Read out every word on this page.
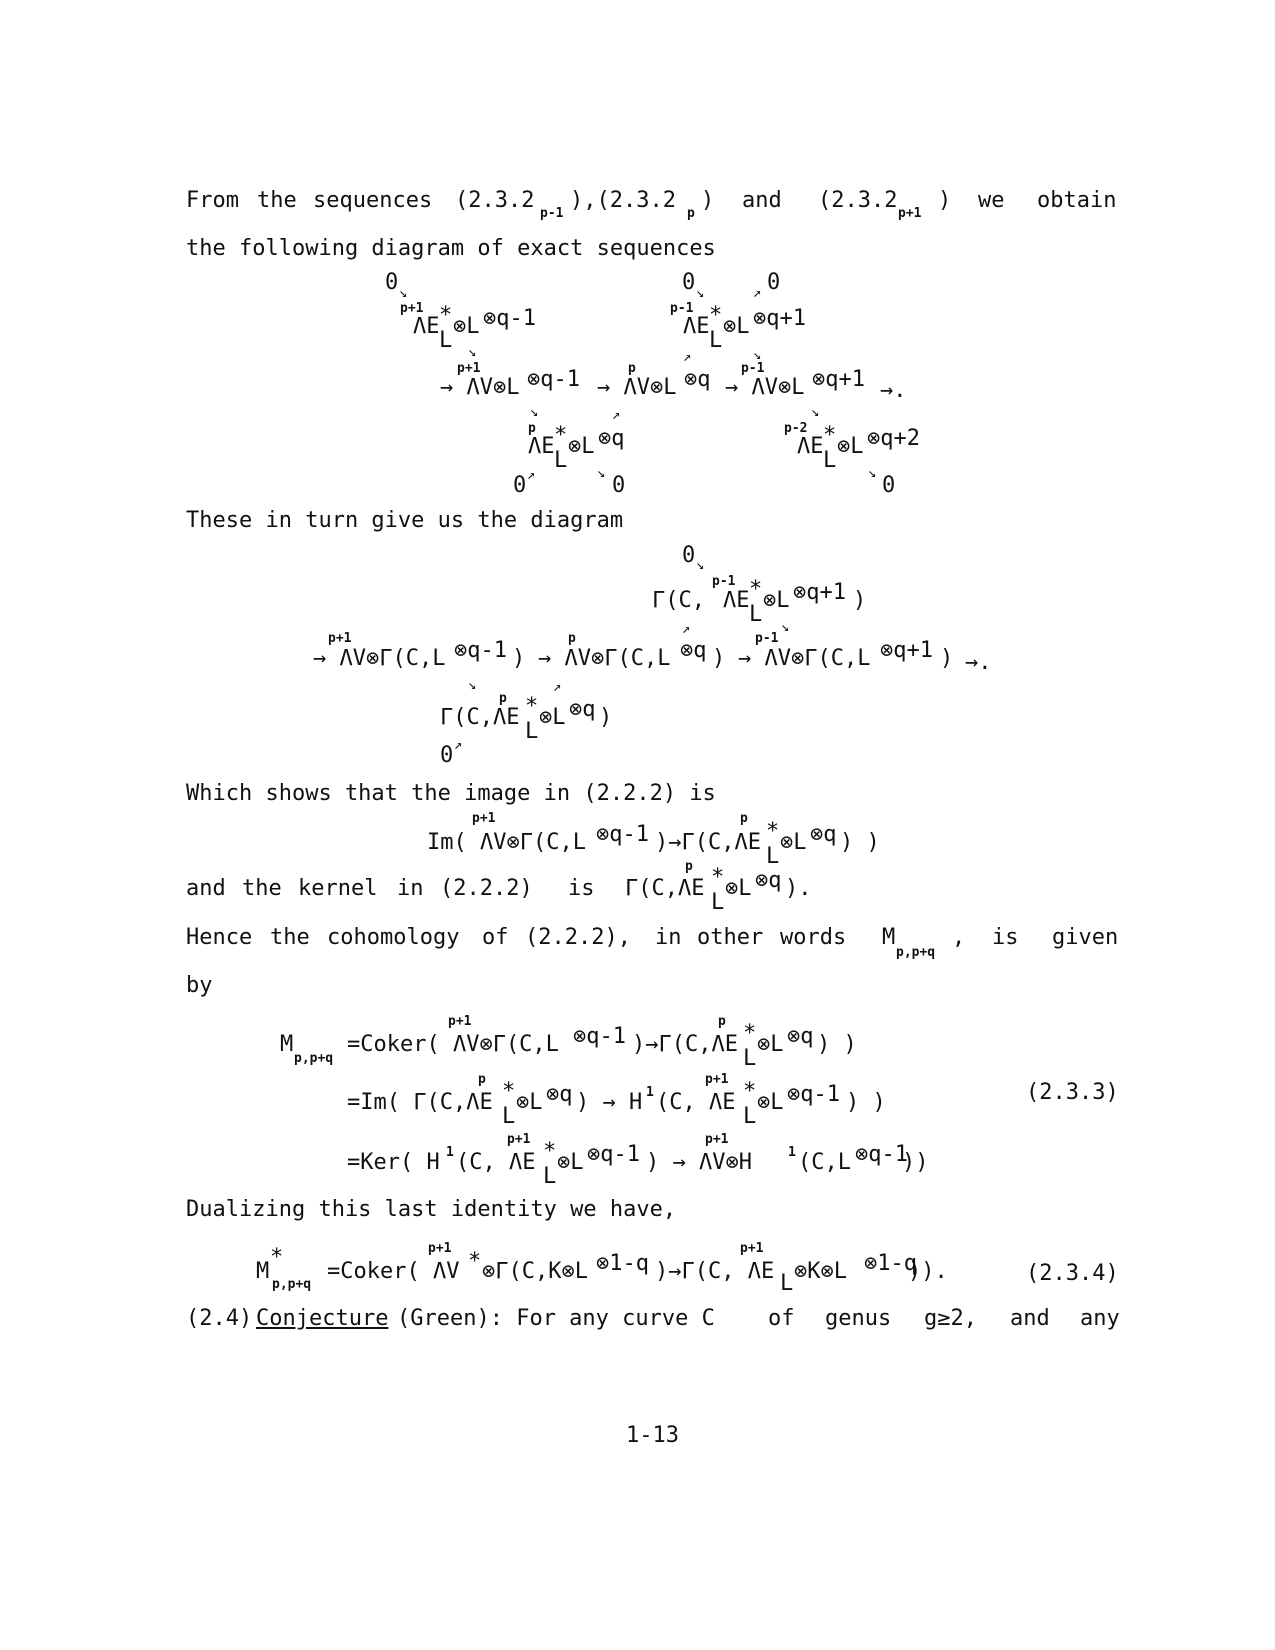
From the sequences (2.3.2
p-1
),(2.3.2
p
) and (2.3.2
p+1
) we obtain
the following diagram of exact sequences
0 ↘	0 ↘	↗ 0
p+1
ΛE *
L
⊗L ⊗q-1	p-1
ΛE *
L
⊗L ⊗q+1
↘	↗	↘
p+1
→ ΛV⊗L ⊗q-1	p
→ ΛV⊗L ⊗q p-1
→ ΛV⊗L ⊗q+1 →.
↘	↗	↘
p
ΛE *
L
⊗L ⊗q	p-2
ΛE *
L
⊗L ⊗q+2
0 ↗	↘ 0	↘ 0
These in turn give us the diagram
0 ↘
p-1
Γ(C, ΛE *
L
⊗L ⊗q+1 )
↗	↘
p+1
→ ΛV⊗Γ(C,L ⊗q-1 )
p
→ ΛV⊗Γ(C,L ⊗q )
p-1
→ ΛV⊗Γ(C,L ⊗q+1 ) →.
↘	↗
p
Γ(C,ΛE *
L
⊗L ⊗q )
0 ↗
Which shows that the image in (2.2.2) is
p+1	p
Im( ΛV⊗Γ(C,L ⊗q-1 )→Γ(C,ΛE *
L
⊗L ⊗q ) )
and the kernel in (2.2.2) is
p
Γ(C,ΛE *
L
⊗L ⊗q ).
Hence the cohomology of (2.2.2), in other words M
p,p+q
, is given
by
M
p,p+q
p+1	p
=Coker( ΛV⊗Γ(C,L ⊗q-1 )→Γ(C,ΛE *
L
⊗L ⊗q ) )
p	p+1
=Im( Γ(C,ΛE *
L
⊗L ⊗q ) → H 1 (C, ΛE *
L
⊗L ⊗q-1 ) )	(2.3.3)
p+1	p+1
=Ker( H 1 (C, ΛE *
L
⊗L ⊗q-1 ) → ΛV⊗H	1 (C,L ⊗q-1
))
Dualizing this last identity we have,
M
*
p,p+q
p+1	p+1
=Coker( ΛV * ⊗Γ(C,K⊗L ⊗1-q )→Γ(C, ΛE L ⊗K⊗L ⊗1-q
)).	(2.3.4)
(2.4) Conjecture (Green): For any curve C of genus g≥2, and any
1-13
